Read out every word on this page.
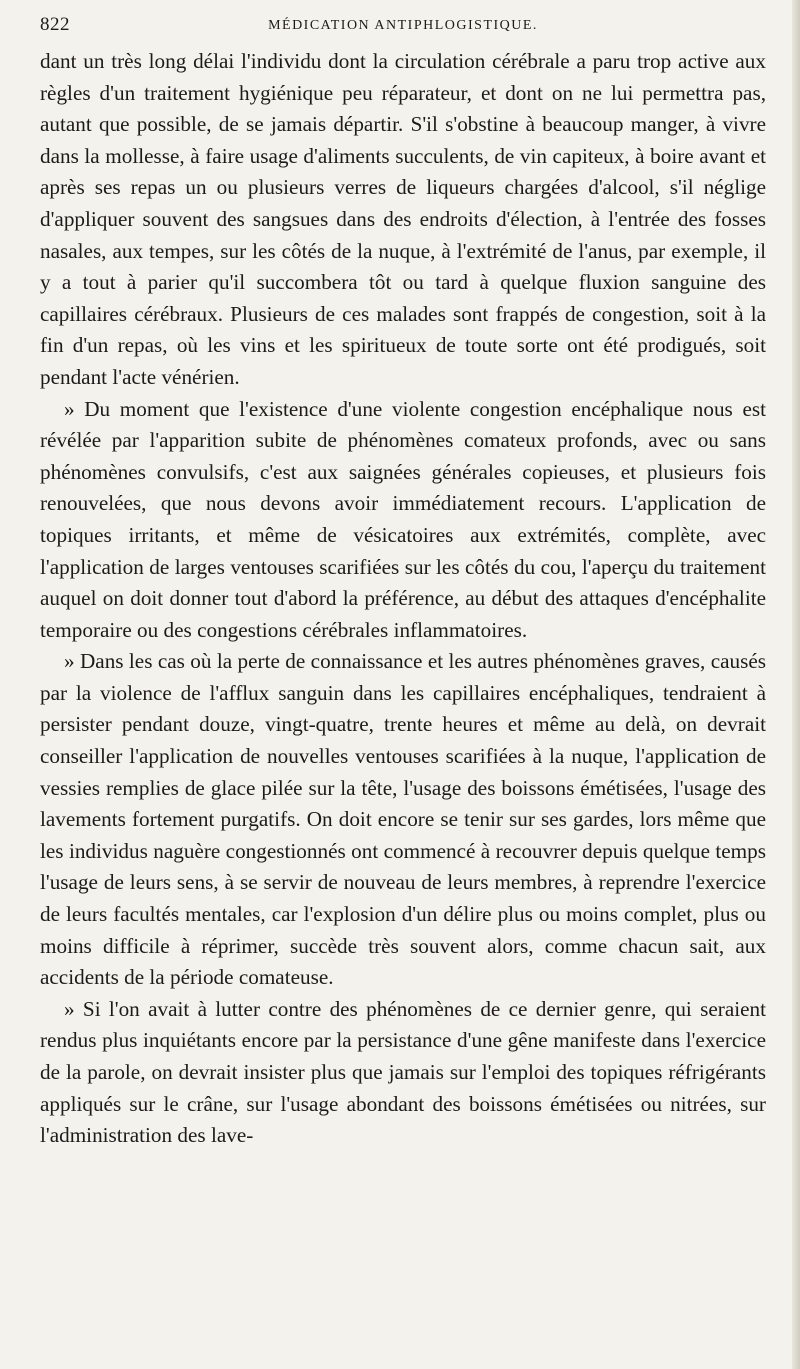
822	MÉDICATION ANTIPHLOGISTIQUE.

dant un très long délai l'individu dont la circulation cérébrale a paru trop active aux règles d'un traitement hygiénique peu réparateur, et dont on ne lui permettra pas, autant que possible, de se jamais départir. S'il s'obstine à beaucoup manger, à vivre dans la mollesse, à faire usage d'aliments succulents, de vin capiteux, à boire avant et après ses repas un ou plusieurs verres de liqueurs chargées d'alcool, s'il néglige d'appliquer souvent des sangsues dans des endroits d'élection, à l'entrée des fosses nasales, aux tempes, sur les côtés de la nuque, à l'extrémité de l'anus, par exemple, il y a tout à parier qu'il succombera tôt ou tard à quelque fluxion sanguine des capillaires cérébraux. Plusieurs de ces malades sont frappés de congestion, soit à la fin d'un repas, où les vins et les spiritueux de toute sorte ont été prodigués, soit pendant l'acte vénérien.

» Du moment que l'existence d'une violente congestion encéphalique nous est révélée par l'apparition subite de phénomènes comateux profonds, avec ou sans phénomènes convulsifs, c'est aux saignées générales copieuses, et plusieurs fois renouvelées, que nous devons avoir immédiatement recours. L'application de topiques irritants, et même de vésicatoires aux extrémités, complète, avec l'application de larges ventouses scarifiées sur les côtés du cou, l'aperçu du traitement auquel on doit donner tout d'abord la préférence, au début des attaques d'encéphalite temporaire ou des congestions cérébrales inflammatoires.

» Dans les cas où la perte de connaissance et les autres phénomènes graves, causés par la violence de l'afflux sanguin dans les capillaires encéphaliques, tendraient à persister pendant douze, vingt-quatre, trente heures et même au delà, on devrait conseiller l'application de nouvelles ventouses scarifiées à la nuque, l'application de vessies remplies de glace pilée sur la tête, l'usage des boissons émétisées, l'usage des lavements fortement purgatifs. On doit encore se tenir sur ses gardes, lors même que les individus naguère congestionnés ont commencé à recouvrer depuis quelque temps l'usage de leurs sens, à se servir de nouveau de leurs membres, à reprendre l'exercice de leurs facultés mentales, car l'explosion d'un délire plus ou moins complet, plus ou moins difficile à réprimer, succède très souvent alors, comme chacun sait, aux accidents de la période comateuse.

» Si l'on avait à lutter contre des phénomènes de ce dernier genre, qui seraient rendus plus inquiétants encore par la persistance d'une gêne manifeste dans l'exercice de la parole, on devrait insister plus que jamais sur l'emploi des topiques réfrigérants appliqués sur le crâne, sur l'usage abondant des boissons émétisées ou nitrées, sur l'administration des lave-
